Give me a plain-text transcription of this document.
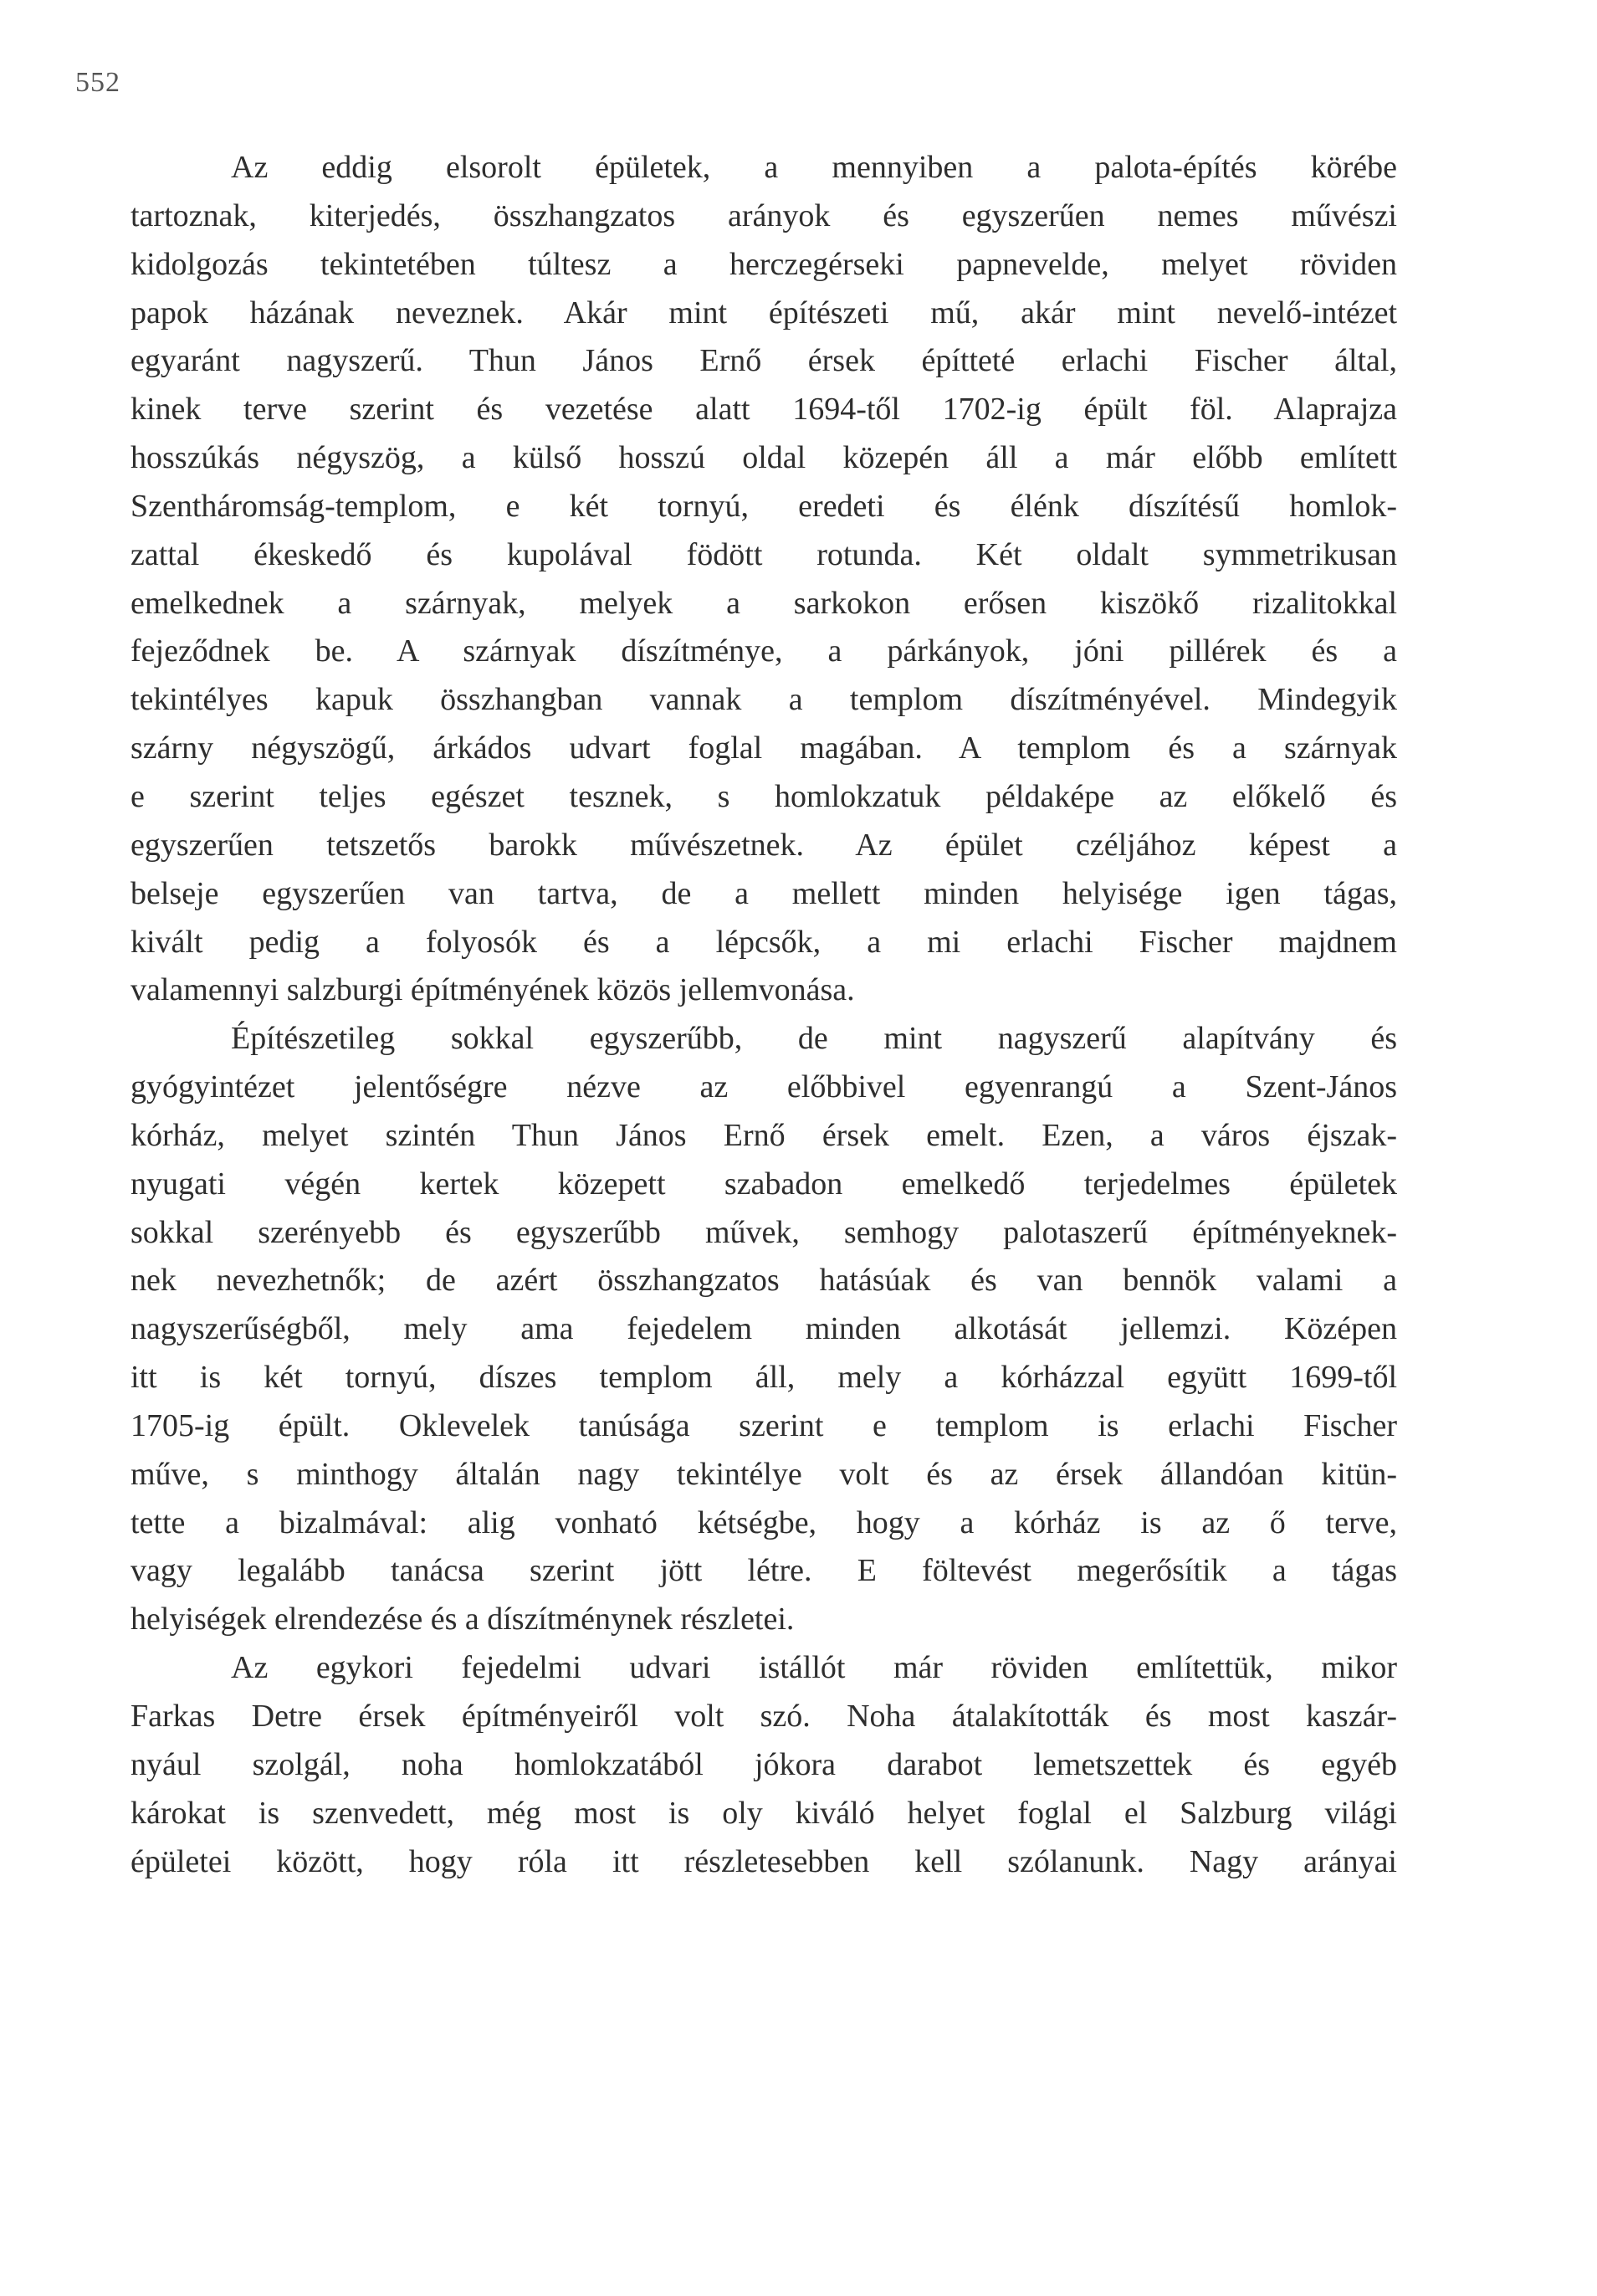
552
Az eddig elsorolt épületek, a mennyiben a palota-építés körébe
tartoznak, kiterjedés, összhangzatos arányok és egyszerűen nemes művészi
kidolgozás tekintetében túltesz a herczegérseki papnevelde, melyet röviden
papok házának neveznek. Akár mint építészeti mű, akár mint nevelő-intézet
egyaránt nagyszerű. Thun János Ernő érsek építteté erlachi Fischer által,
kinek terve szerint és vezetése alatt 1694-től 1702-ig épült föl. Alaprajza
hosszúkás négyszög, a külső hosszú oldal közepén áll a már előbb említett
Szentháromság-templom, e két tornyú, eredeti és élénk díszítésű homlok-
zattal ékeskedő és kupolával födött rotunda. Két oldalt symmetrikusan
emelkednek a szárnyak, melyek a sarkokon erősen kiszökő rizalitokkal
fejeződnek be. A szárnyak díszítménye, a párkányok, jóni pillérek és a
tekintélyes kapuk összhangban vannak a templom díszítményével. Mindegyik
szárny négyszögű, árkádos udvart foglal magában. A templom és a szárnyak
e szerint teljes egészet tesznek, s homlokzatuk példaképe az előkelő és
egyszerűen tetszetős barokk művészetnek. Az épület czéljához képest a
belseje egyszerűen van tartva, de a mellett minden helyisége igen tágas,
kivált pedig a folyosók és a lépcsők, a mi erlachi Fischer majdnem
valamennyi salzburgi építményének közös jellemvonása.
Építészetileg sokkal egyszerűbb, de mint nagyszerű alapítvány és
gyógyintézet jelentőségre nézve az előbbivel egyenrangú a Szent-János
kórház, melyet szintén Thun János Ernő érsek emelt. Ezen, a város éjszak-
nyugati végén kertek közepett szabadon emelkedő terjedelmes épületek
sokkal szerényebb és egyszerűbb művek, semhogy palotaszerű építményeknek-
nek nevezhetnők; de azért összhangzatos hatásúak és van bennök valami a
nagyszerűségből, mely ama fejedelem minden alkotását jellemzi. Középen
itt is két tornyú, díszes templom áll, mely a kórházzal együtt 1699-től
1705-ig épült. Oklevelek tanúsága szerint e templom is erlachi Fischer
műve, s minthogy általán nagy tekintélye volt és az érsek állandóan kitün-
tette a bizalmával: alig vonható kétségbe, hogy a kórház is az ő terve,
vagy legalább tanácsa szerint jött létre. E föltevést megerősítik a tágas
helyiségek elrendezése és a díszítménynek részletei.
Az egykori fejedelmi udvari istállót már röviden említettük, mikor
Farkas Detre érsek építményeiről volt szó. Noha átalakították és most kaszár-
nyául szolgál, noha homlokzatából jókora darabot lemetszettek és egyéb
károkat is szenvedett, még most is oly kiváló helyet foglal el Salzburg világi
épületei között, hogy róla itt részletesebben kell szólanunk. Nagy arányai
